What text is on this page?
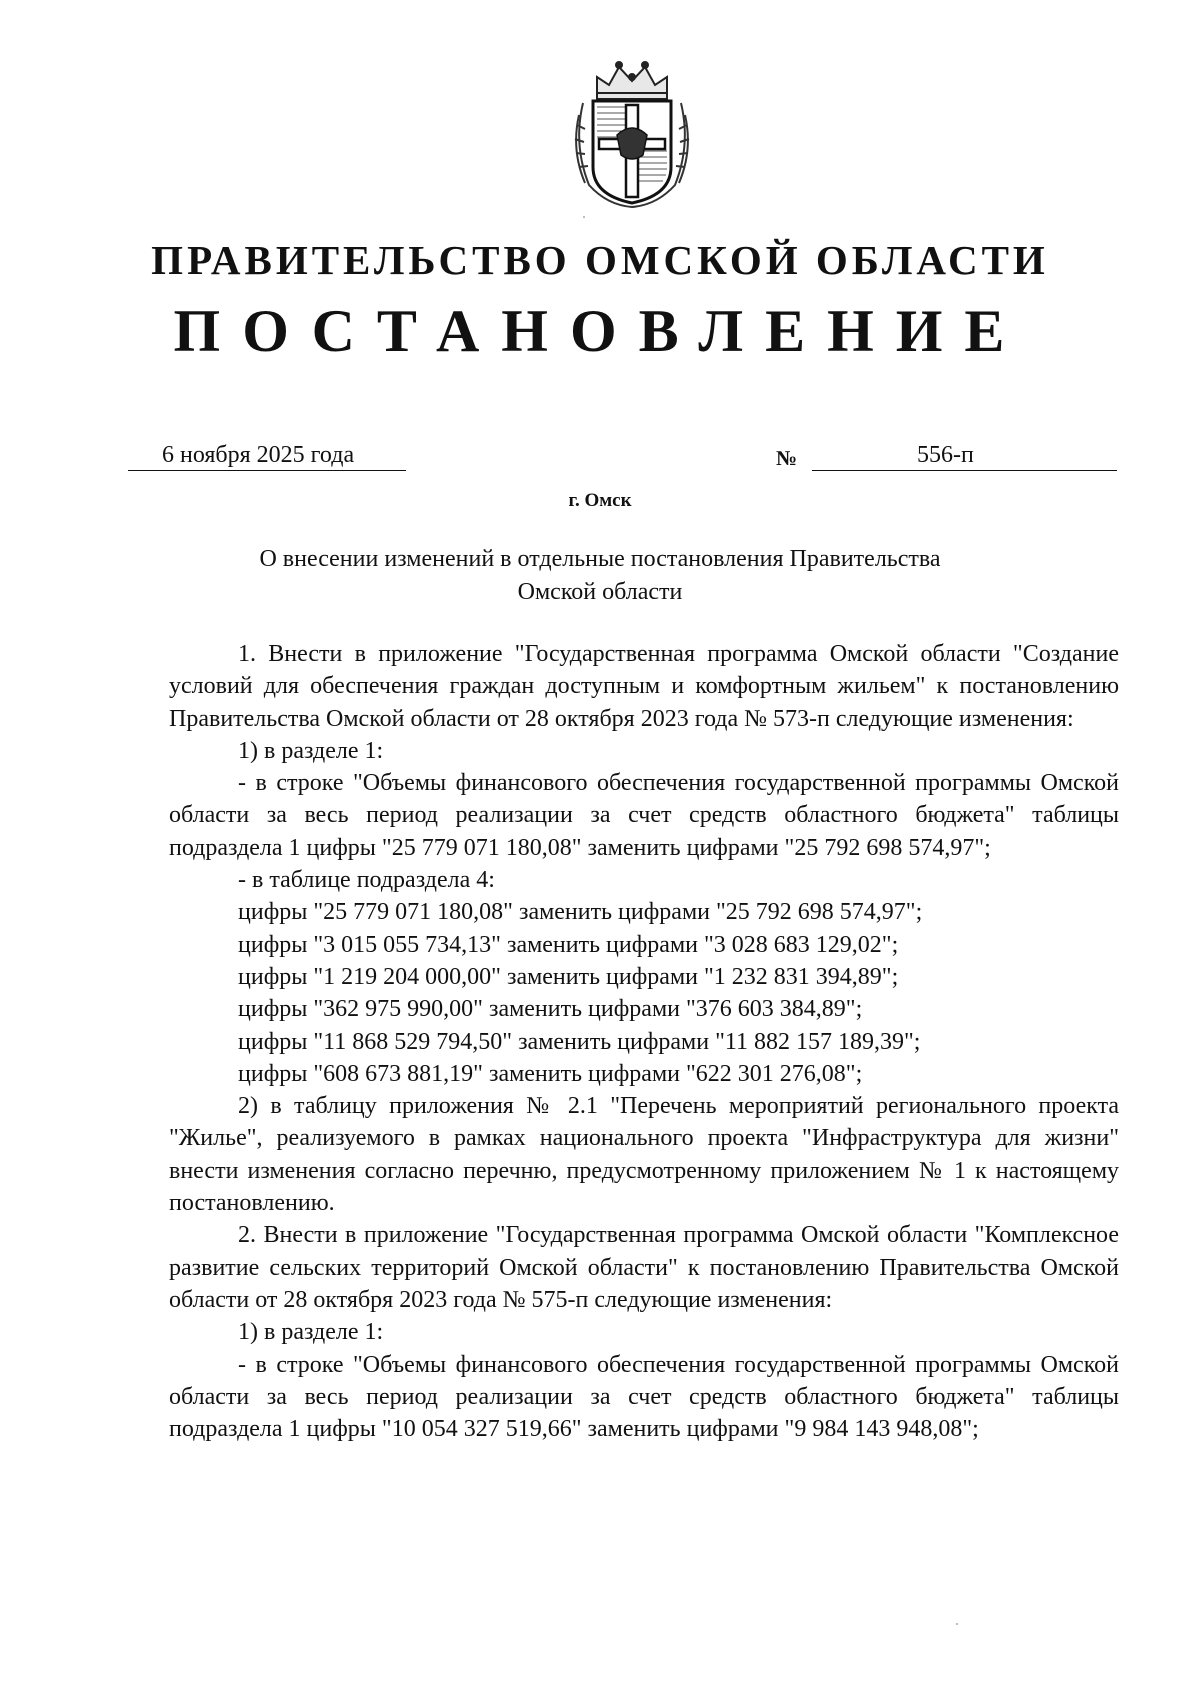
ПРАВИТЕЛЬСТВО ОМСКОЙ ОБЛАСТИ
ПОСТАНОВЛЕНИЕ
6 ноября 2025 года	№	556-п
г. Омск
О внесении изменений в отдельные постановления Правительства
Омской области

1. Внести в приложение "Государственная программа Омской области "Создание условий для обеспечения граждан доступным и комфортным жильем" к постановлению Правительства Омской области от 28 октября 2023 года № 573-п следующие изменения:

1) в разделе 1:

- в строке "Объемы финансового обеспечения государственной программы Омской области за весь период реализации за счет средств областного бюджета" таблицы подраздела 1 цифры "25 779 071 180,08" заменить цифрами "25 792 698 574,97";

- в таблице подраздела 4:

цифры "25 779 071 180,08" заменить цифрами "25 792 698 574,97";

цифры "3 015 055 734,13" заменить цифрами "3 028 683 129,02";

цифры "1 219 204 000,00" заменить цифрами "1 232 831 394,89";

цифры "362 975 990,00" заменить цифрами "376 603 384,89";

цифры "11 868 529 794,50" заменить цифрами "11 882 157 189,39";

цифры "608 673 881,19" заменить цифрами "622 301 276,08";

2) в таблицу приложения № 2.1 "Перечень мероприятий регионального проекта "Жилье", реализуемого в рамках национального проекта "Инфраструктура для жизни" внести изменения согласно перечню, предусмотренному приложением № 1 к настоящему постановлению.

2. Внести в приложение "Государственная программа Омской области "Комплексное развитие сельских территорий Омской области" к постановлению Правительства Омской области от 28 октября 2023 года № 575-п следующие изменения:

1) в разделе 1:

- в строке "Объемы финансового обеспечения государственной программы Омской области за весь период реализации за счет средств областного бюджета" таблицы подраздела 1 цифры "10 054 327 519,66" заменить цифрами "9 984 143 948,08";
